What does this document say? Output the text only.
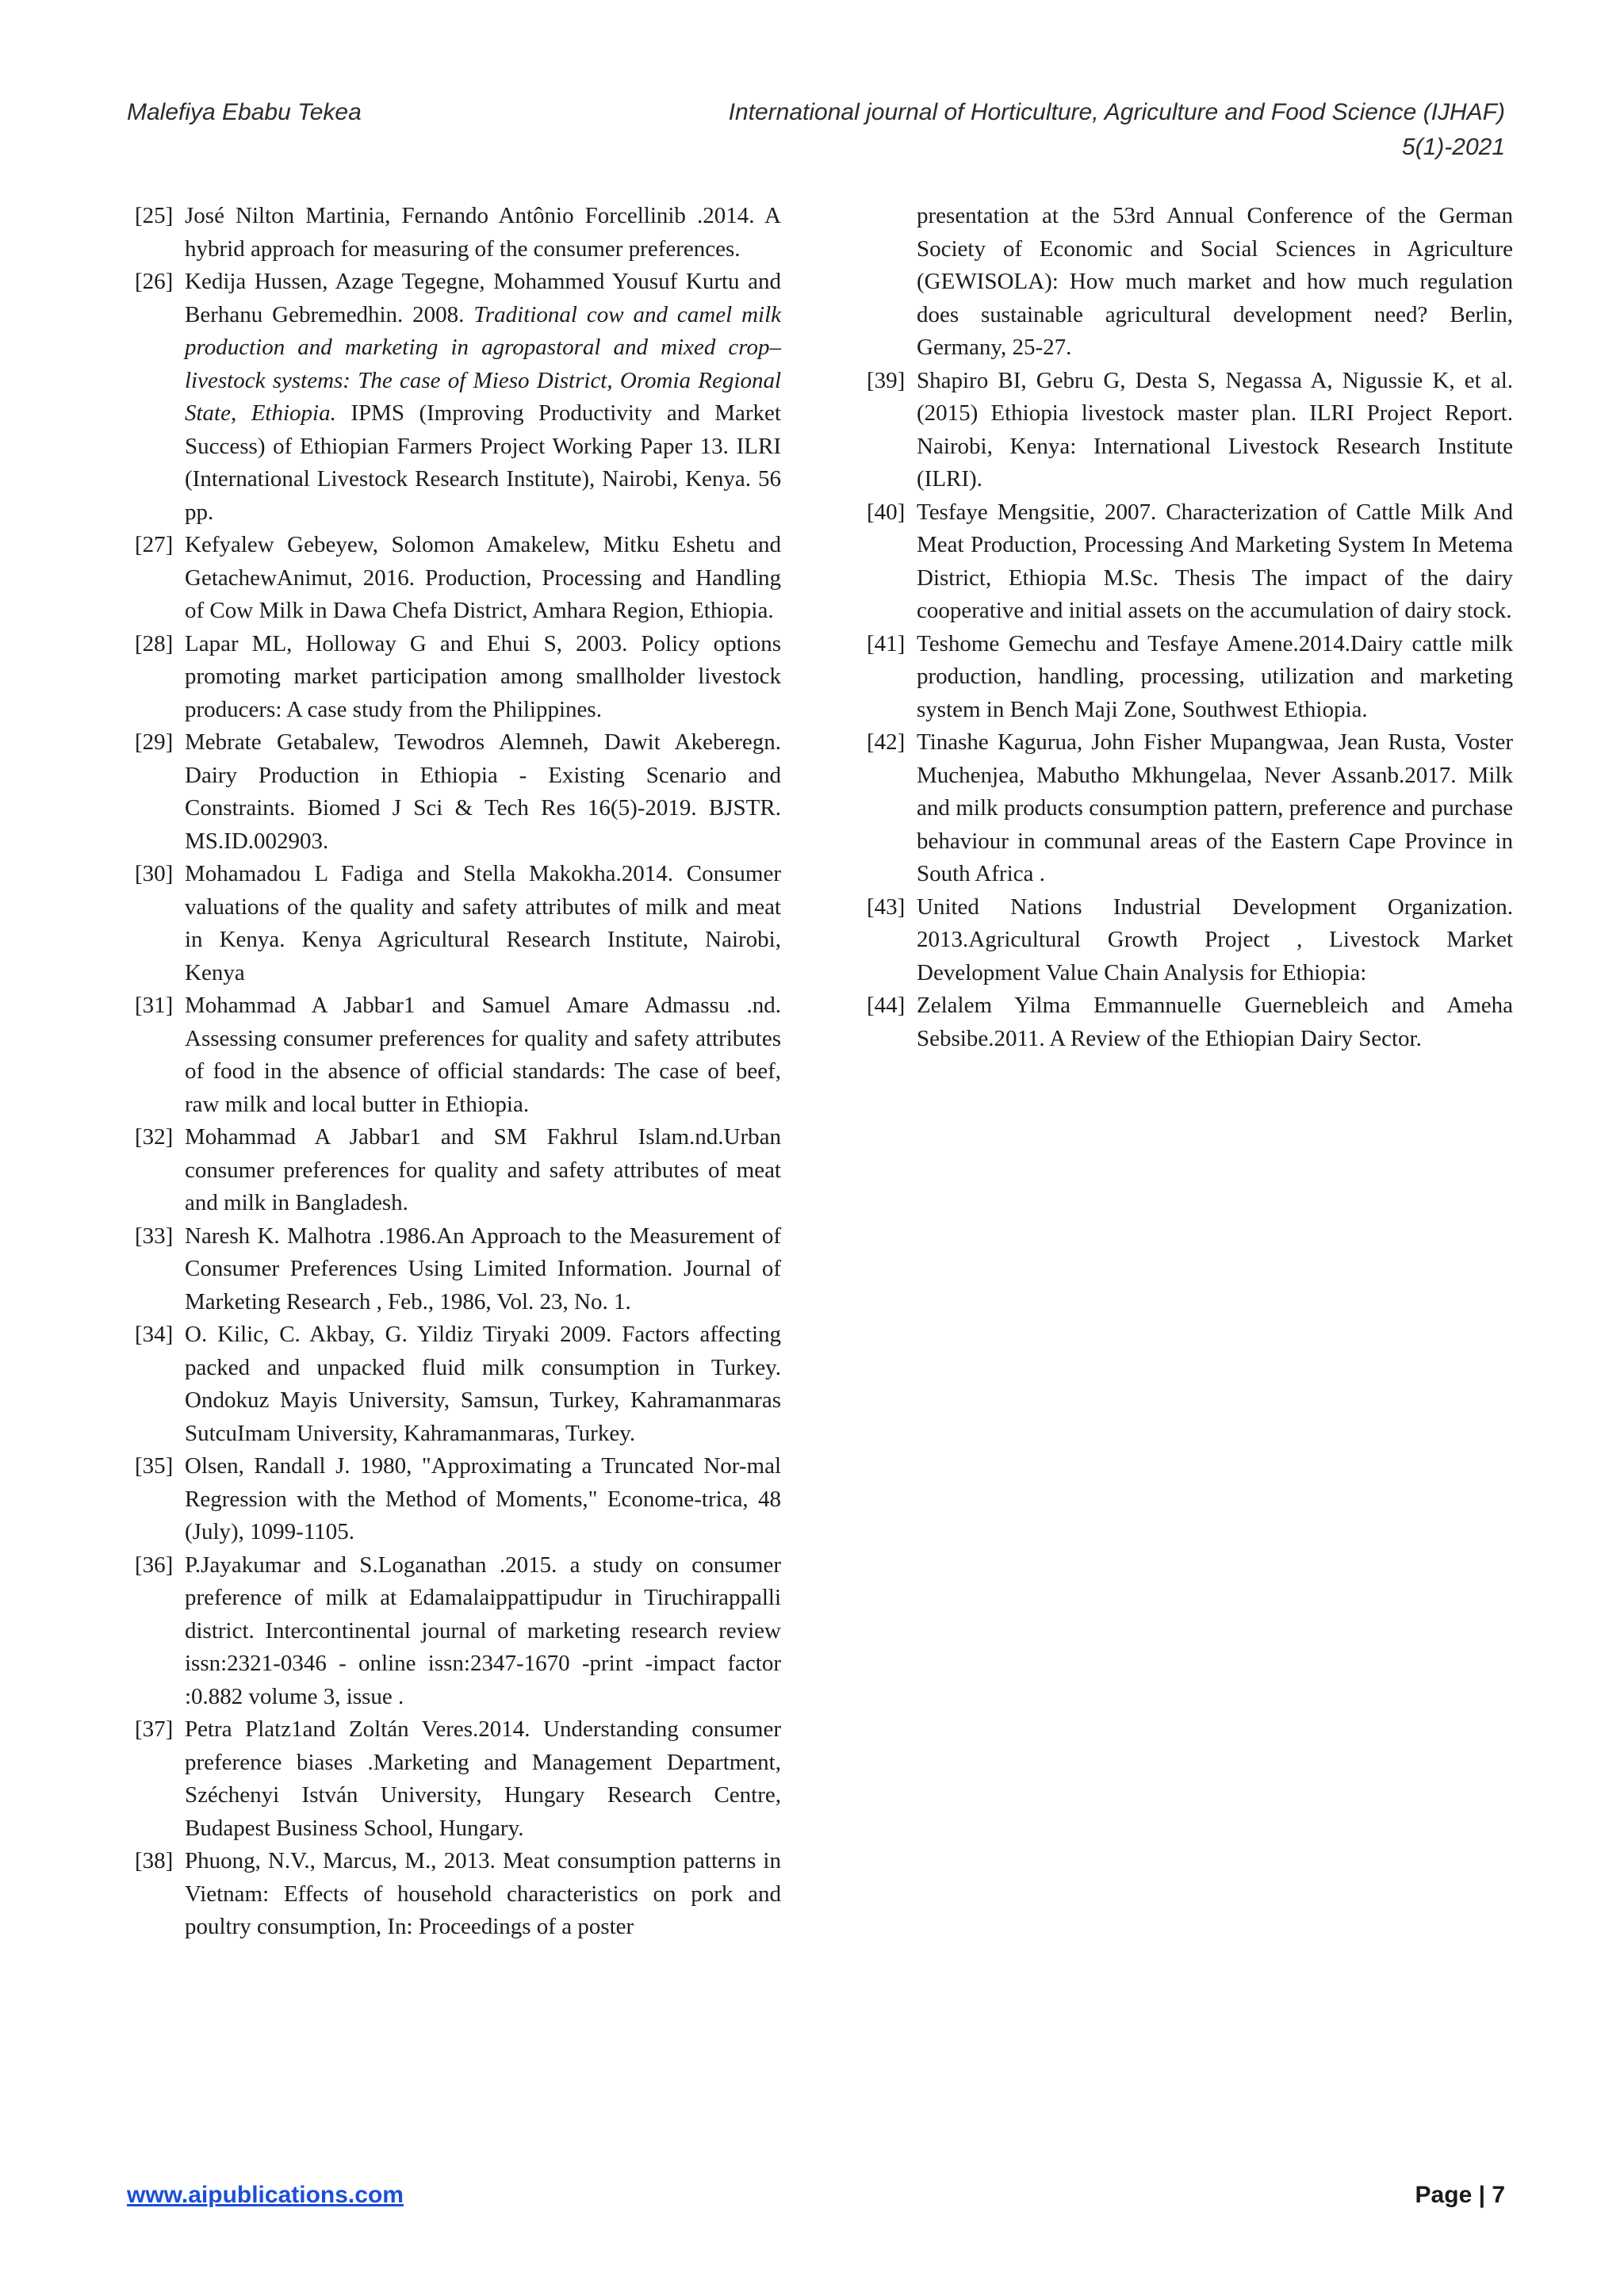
Malefiya Ebabu Tekea	International journal of Horticulture, Agriculture and Food Science (IJHAF)
5(1)-2021
[25] José Nilton Martinia, Fernando Antônio Forcellinib .2014. A hybrid approach for measuring of the consumer preferences.
[26] Kedija Hussen, Azage Tegegne, Mohammed Yousuf Kurtu and Berhanu Gebremedhin. 2008. Traditional cow and camel milk production and marketing in agropastoral and mixed crop–livestock systems: The case of Mieso District, Oromia Regional State, Ethiopia. IPMS (Improving Productivity and Market Success) of Ethiopian Farmers Project Working Paper 13. ILRI (International Livestock Research Institute), Nairobi, Kenya. 56 pp.
[27] Kefyalew Gebeyew, Solomon Amakelew, Mitku Eshetu and GetachewAnimut, 2016. Production, Processing and Handling of Cow Milk in Dawa Chefa District, Amhara Region, Ethiopia.
[28] Lapar ML, Holloway G and Ehui S, 2003. Policy options promoting market participation among smallholder livestock producers: A case study from the Philippines.
[29] Mebrate Getabalew, Tewodros Alemneh, Dawit Akeberegn. Dairy Production in Ethiopia - Existing Scenario and Constraints. Biomed J Sci & Tech Res 16(5)-2019. BJSTR. MS.ID.002903.
[30] Mohamadou L Fadiga and Stella Makokha.2014. Consumer valuations of the quality and safety attributes of milk and meat in Kenya. Kenya Agricultural Research Institute, Nairobi, Kenya
[31] Mohammad A Jabbar1 and Samuel Amare Admassu .nd. Assessing consumer preferences for quality and safety attributes of food in the absence of official standards: The case of beef, raw milk and local butter in Ethiopia.
[32] Mohammad A Jabbar1 and SM Fakhrul Islam.nd.Urban consumer preferences for quality and safety attributes of meat and milk in Bangladesh.
[33] Naresh K. Malhotra .1986.An Approach to the Measurement of Consumer Preferences Using Limited Information. Journal of Marketing Research , Feb., 1986, Vol. 23, No. 1.
[34] O. Kilic, C. Akbay, G. Yildiz Tiryaki 2009. Factors affecting packed and unpacked fluid milk consumption in Turkey. Ondokuz Mayis University, Samsun, Turkey, Kahramanmaras SutcuImam University, Kahramanmaras, Turkey.
[35] Olsen, Randall J. 1980, "Approximating a Truncated Nor-mal Regression with the Method of Moments," Econome-trica, 48 (July), 1099-1105.
[36] P.Jayakumar and S.Loganathan .2015. a study on consumer preference of milk at Edamalaippattipudur in Tiruchirappalli district. Intercontinental journal of marketing research review issn:2321-0346 - online issn:2347-1670 -print -impact factor :0.882 volume 3, issue .
[37] Petra Platz1and Zoltán Veres.2014. Understanding consumer preference biases .Marketing and Management Department, Széchenyi István University, Hungary Research Centre, Budapest Business School, Hungary.
[38] Phuong, N.V., Marcus, M., 2013. Meat consumption patterns in Vietnam: Effects of household characteristics on pork and poultry consumption, In: Proceedings of a poster
presentation at the 53rd Annual Conference of the German Society of Economic and Social Sciences in Agriculture (GEWISOLA): How much market and how much regulation does sustainable agricultural development need? Berlin, Germany, 25-27.
[39] Shapiro BI, Gebru G, Desta S, Negassa A, Nigussie K, et al. (2015) Ethiopia livestock master plan. ILRI Project Report. Nairobi, Kenya: International Livestock Research Institute (ILRI).
[40] Tesfaye Mengsitie, 2007. Characterization of Cattle Milk And Meat Production, Processing And Marketing System In Metema District, Ethiopia M.Sc. Thesis The impact of the dairy cooperative and initial assets on the accumulation of dairy stock.
[41] Teshome Gemechu and Tesfaye Amene.2014.Dairy cattle milk production, handling, processing, utilization and marketing system in Bench Maji Zone, Southwest Ethiopia.
[42] Tinashe Kagurua, John Fisher Mupangwaa, Jean Rusta, Voster Muchenjea, Mabutho Mkhungelaa, Never Assanb.2017. Milk and milk products consumption pattern, preference and purchase behaviour in communal areas of the Eastern Cape Province in South Africa .
[43] United Nations Industrial Development Organization. 2013.Agricultural Growth Project , Livestock Market Development Value Chain Analysis for Ethiopia:
[44] Zelalem Yilma Emmannuelle Guernebleich and Ameha Sebsibe.2011. A Review of the Ethiopian Dairy Sector.
www.aipublications.com	Page | 7
